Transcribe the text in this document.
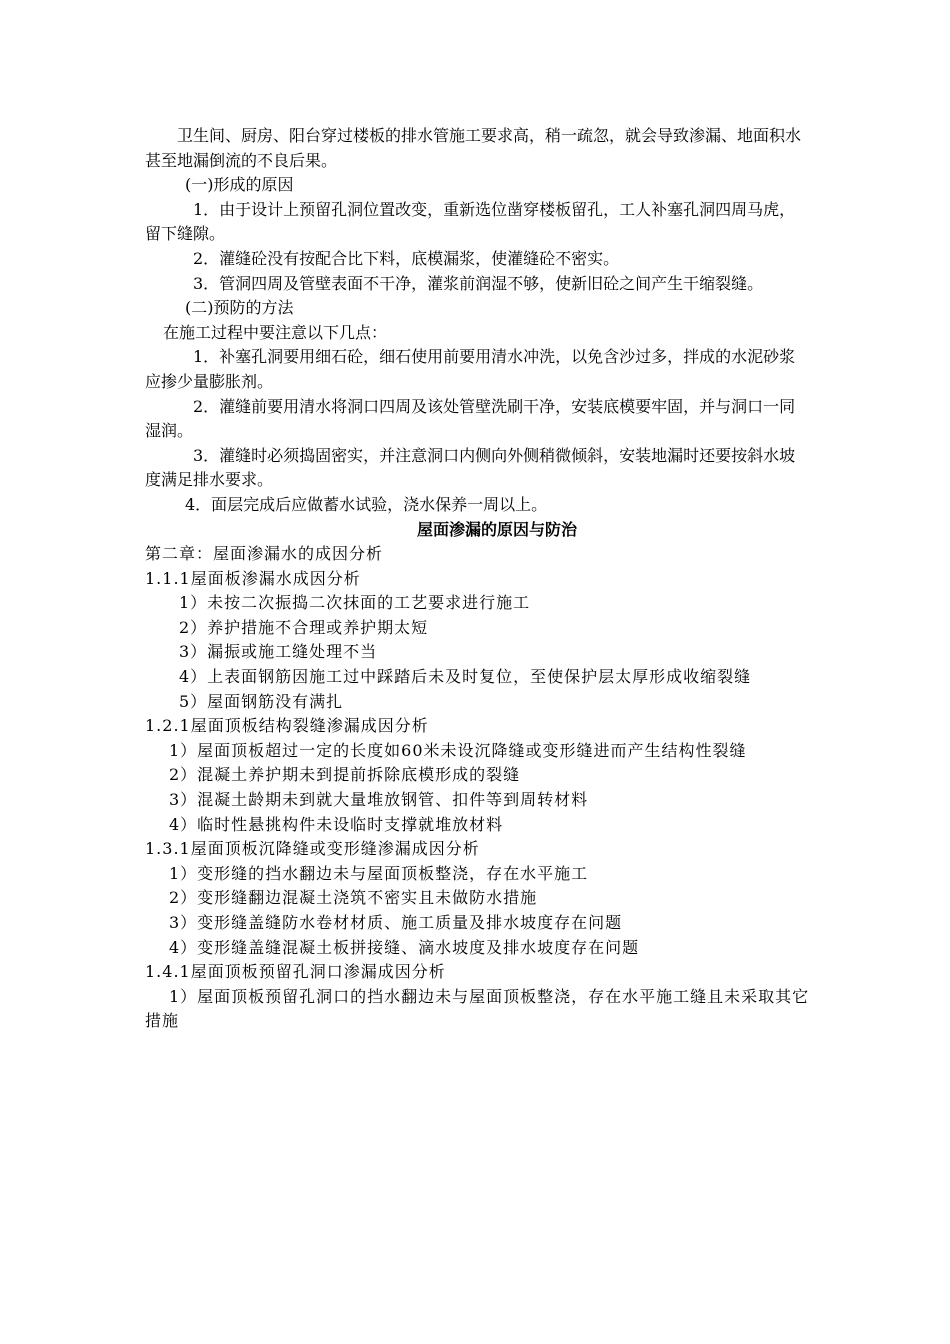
卫生间、厨房、阳台穿过楼板的排水管施工要求高，稍一疏忽，就会导致渗漏、地面积水甚至地漏倒流的不良后果。

(一)形成的原因

1．由于设计上预留孔洞位置改变，重新选位凿穿楼板留孔，工人补塞孔洞四周马虎，

留下缝隙。

2．灌缝砼没有按配合比下料，底模漏浆，使灌缝砼不密实。

3．管洞四周及管壁表面不干净，灌浆前润湿不够，使新旧砼之间产生干缩裂缝。

(二)预防的方法

在施工过程中要注意以下几点：

1．补塞孔洞要用细石砼，细石使用前要用清水冲洗，以免含沙过多，拌成的水泥砂浆

应掺少量膨胀剂。

2．灌缝前要用清水将洞口四周及该处管壁洗刷干净，安装底模要牢固，并与洞口一同

湿润。

3．灌缝时必须捣固密实，并注意洞口内侧向外侧稍微倾斜，安装地漏时还要按斜水坡

度满足排水要求。

4．面层完成后应做蓄水试验，浇水保养一周以上。

屋面渗漏的原因与防治

第二章：屋面渗漏水的成因分析

1.1.1屋面板渗漏水成因分析

1）未按二次振捣二次抹面的工艺要求进行施工

2）养护措施不合理或养护期太短

3）漏振或施工缝处理不当

4）上表面钢筋因施工过中踩踏后未及时复位，至使保护层太厚形成收缩裂缝

5）屋面钢筋没有满扎

1.2.1屋面顶板结构裂缝渗漏成因分析

1）屋面顶板超过一定的长度如60米未设沉降缝或变形缝进而产生结构性裂缝

2）混凝土养护期未到提前拆除底模形成的裂缝

3）混凝土龄期未到就大量堆放钢管、扣件等到周转材料

4）临时性悬挑构件未设临时支撑就堆放材料

1.3.1屋面顶板沉降缝或变形缝渗漏成因分析

1）变形缝的挡水翻边未与屋面顶板整浇，存在水平施工

2）变形缝翻边混凝土浇筑不密实且未做防水措施

3）变形缝盖缝防水卷材材质、施工质量及排水坡度存在问题

4）变形缝盖缝混凝土板拼接缝、滴水坡度及排水坡度存在问题

1.4.1屋面顶板预留孔洞口渗漏成因分析

1）屋面顶板预留孔洞口的挡水翻边未与屋面顶板整浇，存在水平施工缝且未采取其它措施
